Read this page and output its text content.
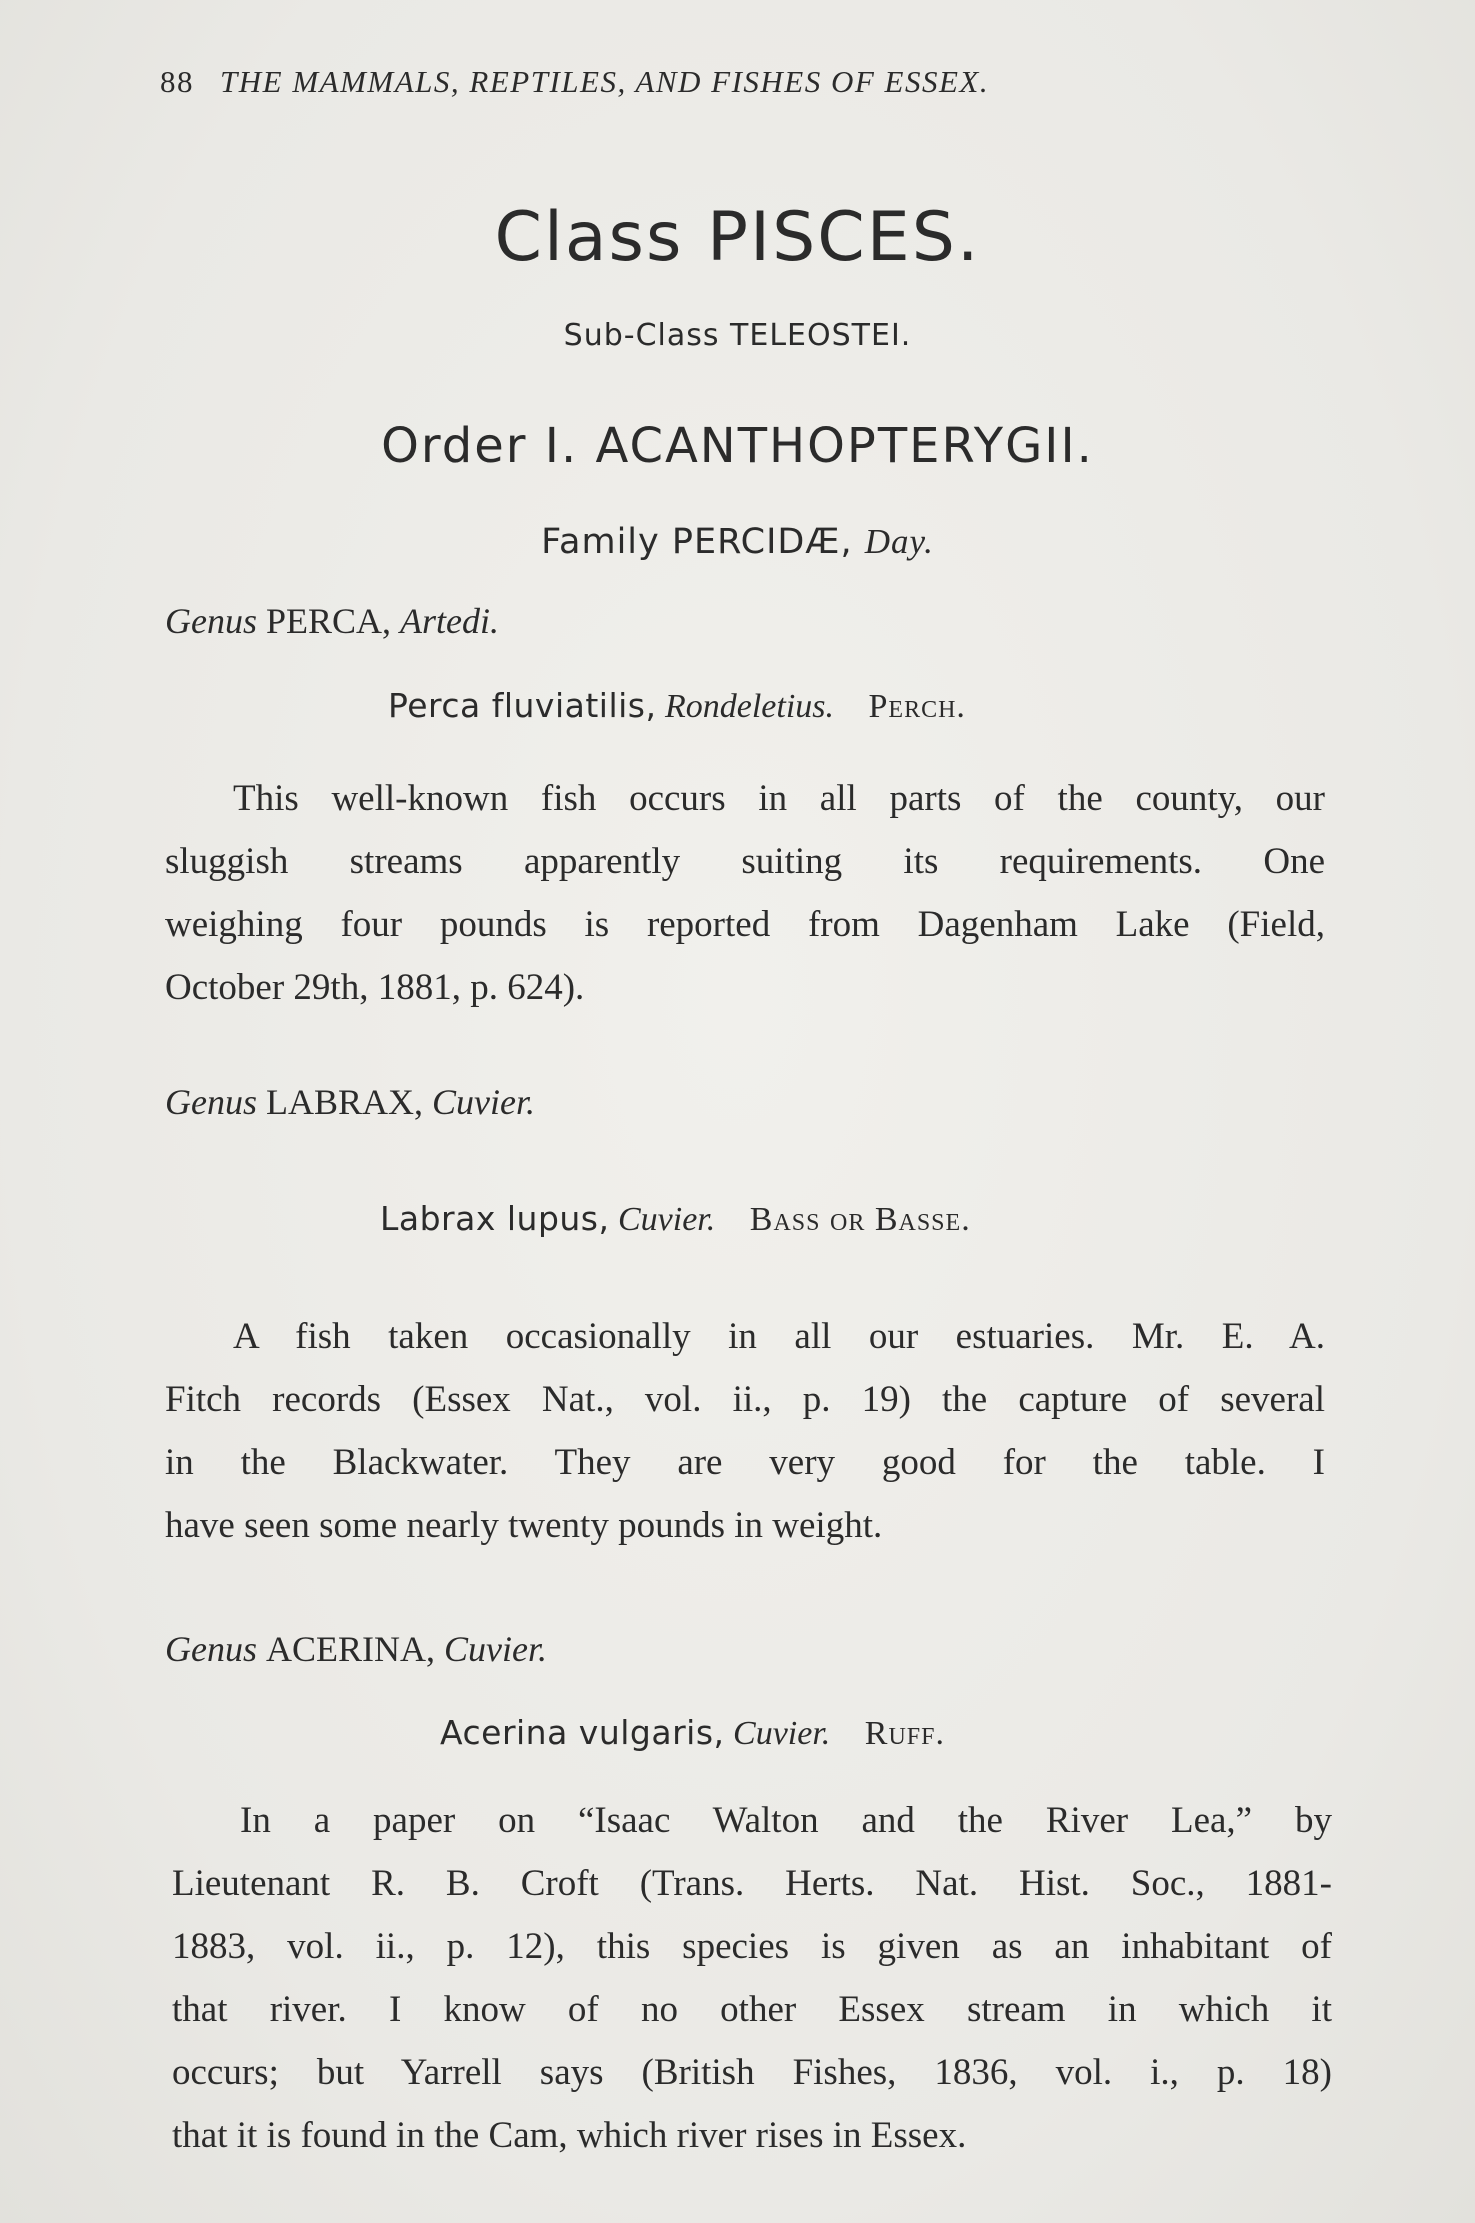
88 THE MAMMALS, REPTILES, AND FISHES OF ESSEX.
Class PISCES.
Sub-Class TELEOSTEI.
Order I. ACANTHOPTERYGII.
Family PERCIDÆ, Day.
Genus PERCA, Artedi.
Perca fluviatilis, Rondeletius. Perch.
This well-known fish occurs in all parts of the county, our
sluggish streams apparently suiting its requirements. One
weighing four pounds is reported from Dagenham Lake (Field,
October 29th, 1881, p. 624).
Genus LABRAX, Cuvier.
Labrax lupus, Cuvier. Bass or Basse.
A fish taken occasionally in all our estuaries. Mr. E. A.
Fitch records (Essex Nat., vol. ii., p. 19) the capture of several
in the Blackwater. They are very good for the table. I
have seen some nearly twenty pounds in weight.
Genus ACERINA, Cuvier.
Acerina vulgaris, Cuvier. Ruff.
In a paper on “Isaac Walton and the River Lea,” by
Lieutenant R. B. Croft (Trans. Herts. Nat. Hist. Soc., 1881-
1883, vol. ii., p. 12), this species is given as an inhabitant of
that river. I know of no other Essex stream in which it
occurs; but Yarrell says (British Fishes, 1836, vol. i., p. 18)
that it is found in the Cam, which river rises in Essex.
